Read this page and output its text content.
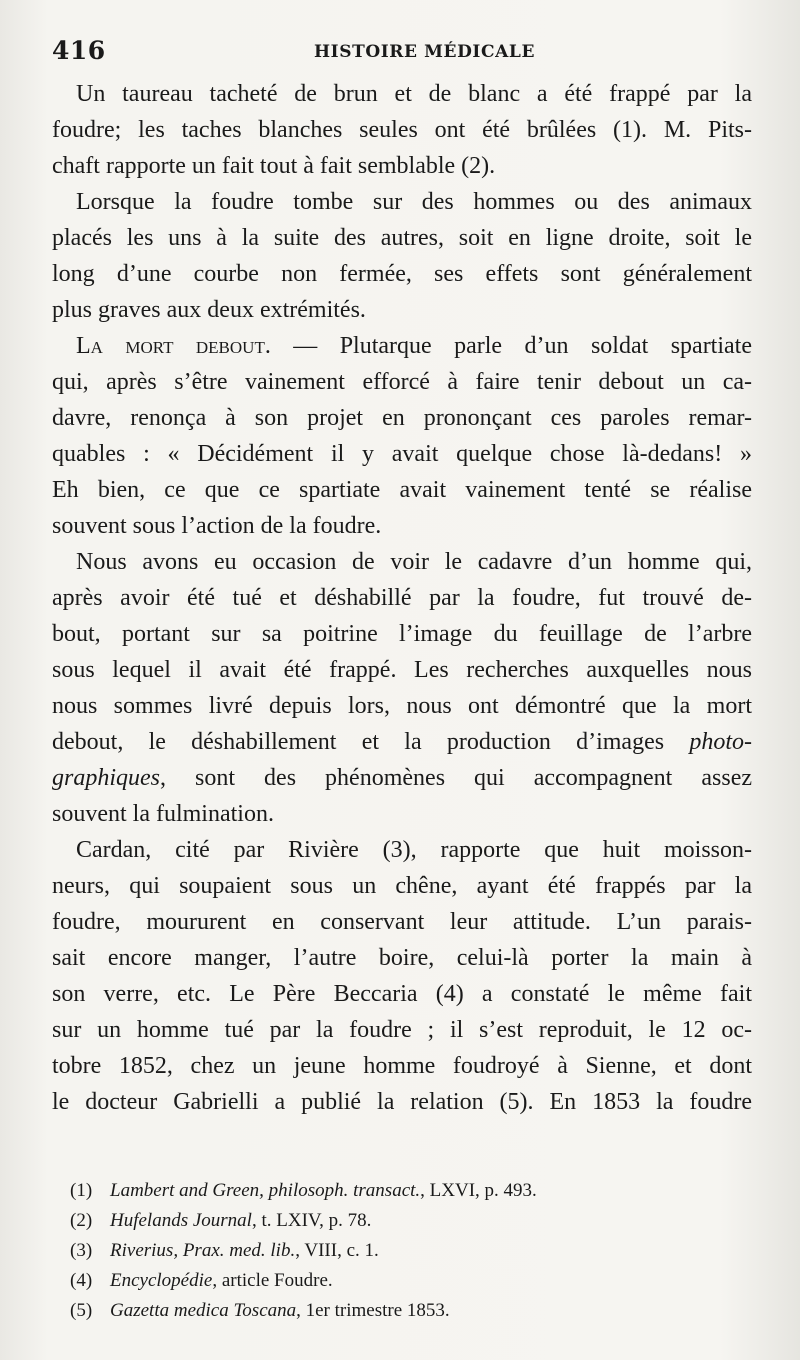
416	HISTOIRE MÉDICALE

Un taureau tacheté de brun et de blanc a été frappé par la
foudre; les taches blanches seules ont été brûlées (1). M. Pits-
chaft rapporte un fait tout à fait semblable (2).

Lorsque la foudre tombe sur des hommes ou des animaux
placés les uns à la suite des autres, soit en ligne droite, soit le
long d’une courbe non fermée, ses effets sont généralement
plus graves aux deux extrémités.

La mort debout. — Plutarque parle d’un soldat spartiate
qui, après s’être vainement efforcé à faire tenir debout un ca-
davre, renonça à son projet en prononçant ces paroles remar-
quables : « Décidément il y avait quelque chose là-dedans! »
Eh bien, ce que ce spartiate avait vainement tenté se réalise
souvent sous l’action de la foudre.

Nous avons eu occasion de voir le cadavre d’un homme qui,
après avoir été tué et déshabillé par la foudre, fut trouvé de-
bout, portant sur sa poitrine l’image du feuillage de l’arbre
sous lequel il avait été frappé. Les recherches auxquelles nous
nous sommes livré depuis lors, nous ont démontré que la mort
debout, le déshabillement et la production d’images photo-
graphiques, sont des phénomènes qui accompagnent assez
souvent la fulmination.

Cardan, cité par Rivière (3), rapporte que huit moisson-
neurs, qui soupaient sous un chêne, ayant été frappés par la
foudre, moururent en conservant leur attitude. L’un parais-
sait encore manger, l’autre boire, celui-là porter la main à
son verre, etc. Le Père Beccaria (4) a constaté le même fait
sur un homme tué par la foudre ; il s’est reproduit, le 12 oc-
tobre 1852, chez un jeune homme foudroyé à Sienne, et dont
le docteur Gabrielli a publié la relation (5). En 1853 la foudre

(1) Lambert and Green, philosoph. transact., LXVI, p. 493.
(2) Hufelands Journal, t. LXIV, p. 78.
(3) Riverius, Prax. med. lib., VIII, c. 1.
(4) Encyclopédie, article Foudre.
(5) Gazetta medica Toscana, 1er trimestre 1853.
